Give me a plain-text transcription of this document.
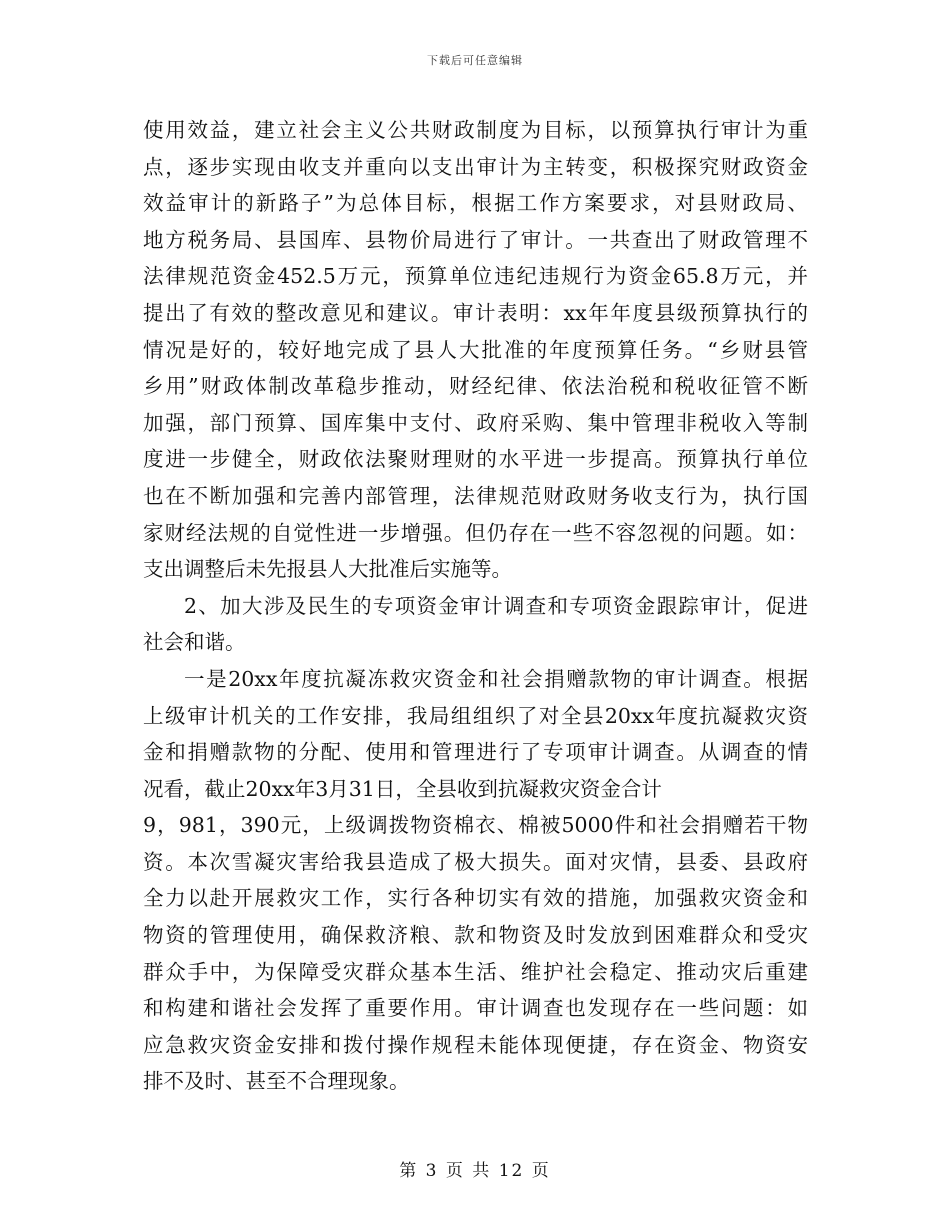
下载后可任意编辑
使用效益，建立社会主义公共财政制度为目标，以预算执行审计为重
点，逐步实现由收支并重向以支出审计为主转变，积极探究财政资金
效益审计的新路子”为总体目标，根据工作方案要求，对县财政局、
地方税务局、县国库、县物价局进行了审计。一共查出了财政管理不
法律规范资金452.5万元，预算单位违纪违规行为资金65.8万元，并
提出了有效的整改意见和建议。审计表明：xx年年度县级预算执行的
情况是好的，较好地完成了县人大批准的年度预算任务。“乡财县管
乡用”财政体制改革稳步推动，财经纪律、依法治税和税收征管不断
加强，部门预算、国库集中支付、政府采购、集中管理非税收入等制
度进一步健全，财政依法聚财理财的水平进一步提高。预算执行单位
也在不断加强和完善内部管理，法律规范财政财务收支行为，执行国
家财经法规的自觉性进一步增强。但仍存在一些不容忽视的问题。如：
支出调整后未先报县人大批准后实施等。
2、加大涉及民生的专项资金审计调查和专项资金跟踪审计，促进
社会和谐。
一是20xx年度抗凝冻救灾资金和社会捐赠款物的审计调查。根据
上级审计机关的工作安排，我局组组织了对全县20xx年度抗凝救灾资
金和捐赠款物的分配、使用和管理进行了专项审计调查。从调查的情
况看，截止20xx年3月31日，全县收到抗凝救灾资金合计
9，981，390元，上级调拨物资棉衣、棉被5000件和社会捐赠若干物
资。本次雪凝灾害给我县造成了极大损失。面对灾情，县委、县政府
全力以赴开展救灾工作，实行各种切实有效的措施，加强救灾资金和
物资的管理使用，确保救济粮、款和物资及时发放到困难群众和受灾
群众手中，为保障受灾群众基本生活、维护社会稳定、推动灾后重建
和构建和谐社会发挥了重要作用。审计调查也发现存在一些问题：如
应急救灾资金安排和拨付操作规程未能体现便捷，存在资金、物资安
排不及时、甚至不合理现象。
第 3 页 共 12 页
